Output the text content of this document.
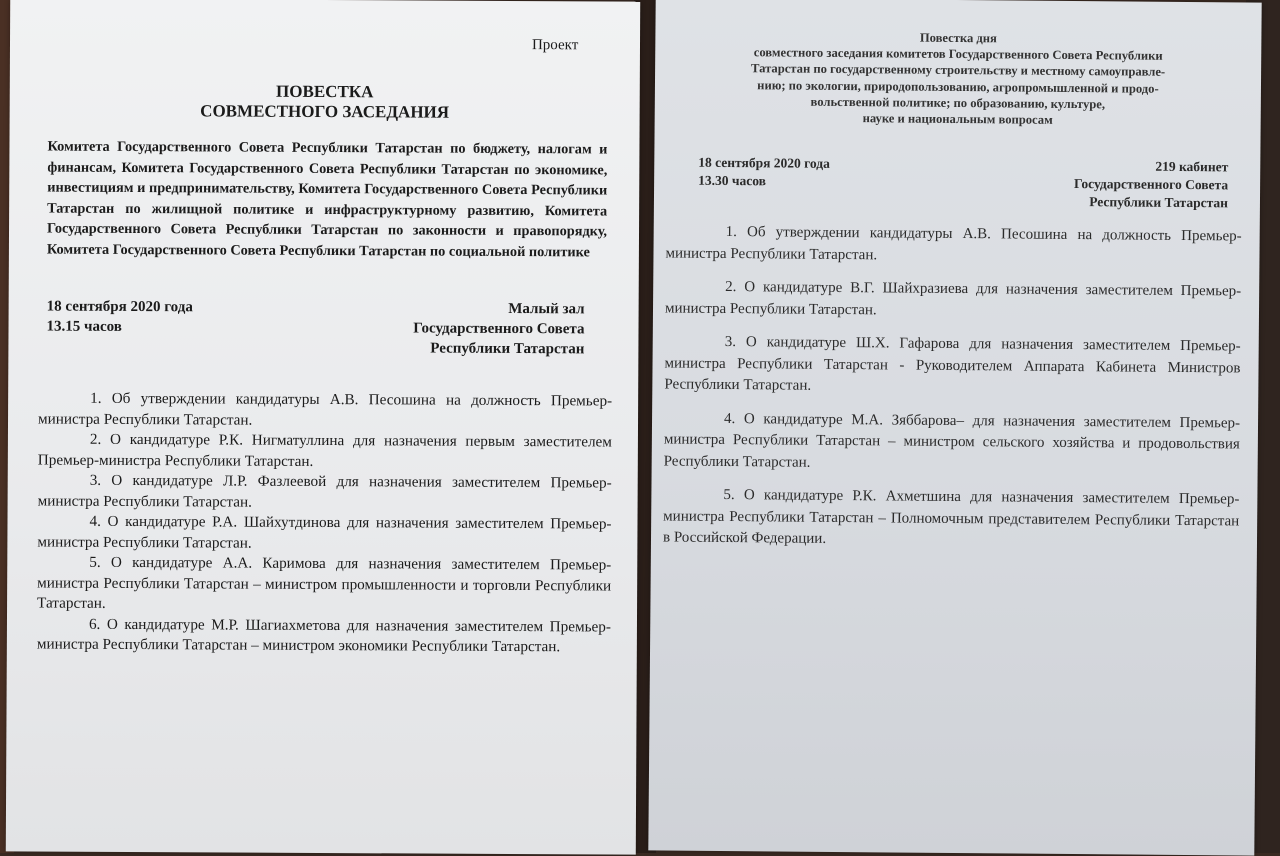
Проект
ПОВЕСТКА
СОВМЕСТНОГО ЗАСЕДАНИЯ
Комитета Государственного Совета Республики Татарстан по бюджету, налогам и финансам, Комитета Государственного Совета Республики Татарстан по экономике, инвестициям и предпринимательству, Комитета Государственного Совета Республики Татарстан по жилищной политике и инфраструктурному развитию, Комитета Государственного Совета Республики Татарстан по законности и правопорядку, Комитета Государственного Совета Республики Татарстан по социальной политике
18 сентября 2020 года
13.15 часов
Малый зал
Государственного Совета
Республики Татарстан

1. Об утверждении кандидатуры А.В. Песошина на должность Премьер-министра Республики Татарстан.

2. О кандидатуре Р.К. Нигматуллина для назначения первым заместителем Премьер-министра Республики Татарстан.

3. О кандидатуре Л.Р. Фазлеевой для назначения заместителем Премьер-министра Республики Татарстан.

4. О кандидатуре Р.А. Шайхутдинова для назначения заместителем Премьер-министра Республики Татарстан.

5. О кандидатуре А.А. Каримова для назначения заместителем Премьер-министра Республики Татарстан – министром промышленности и торговли Республики Татарстан.

6. О кандидатуре М.Р. Шагиахметова для назначения заместителем Премьер-министра Республики Татарстан – министром экономики Республики Татарстан.

Повестка дня
совместного заседания комитетов Государственного Совета Республики
Татарстан по государственному строительству и местному самоуправле-
нию; по экологии, природопользованию, агропромышленной и продо-
вольственной политике; по образованию, культуре,
науке и национальным вопросам
18 сентября 2020 года
13.30 часов
219 кабинет
Государственного Совета
Республики Татарстан

1. Об утверждении кандидатуры А.В. Песошина на должность Премьер-министра Республики Татарстан.

2. О кандидатуре В.Г. Шайхразиева для назначения заместителем Премьер-министра Республики Татарстан.

3. О кандидатуре Ш.Х. Гафарова для назначения заместителем Премьер-министра Республики Татарстан - Руководителем Аппарата Кабинета Министров Республики Татарстан.

4. О кандидатуре М.А. Зяббарова– для назначения заместителем Премьер-министра Республики Татарстан – министром сельского хозяйства и продовольствия Республики Татарстан.

5. О кандидатуре Р.К. Ахметшина для назначения заместителем Премьер-министра Республики Татарстан – Полномочным представителем Республики Татарстан в Российской Федерации.
